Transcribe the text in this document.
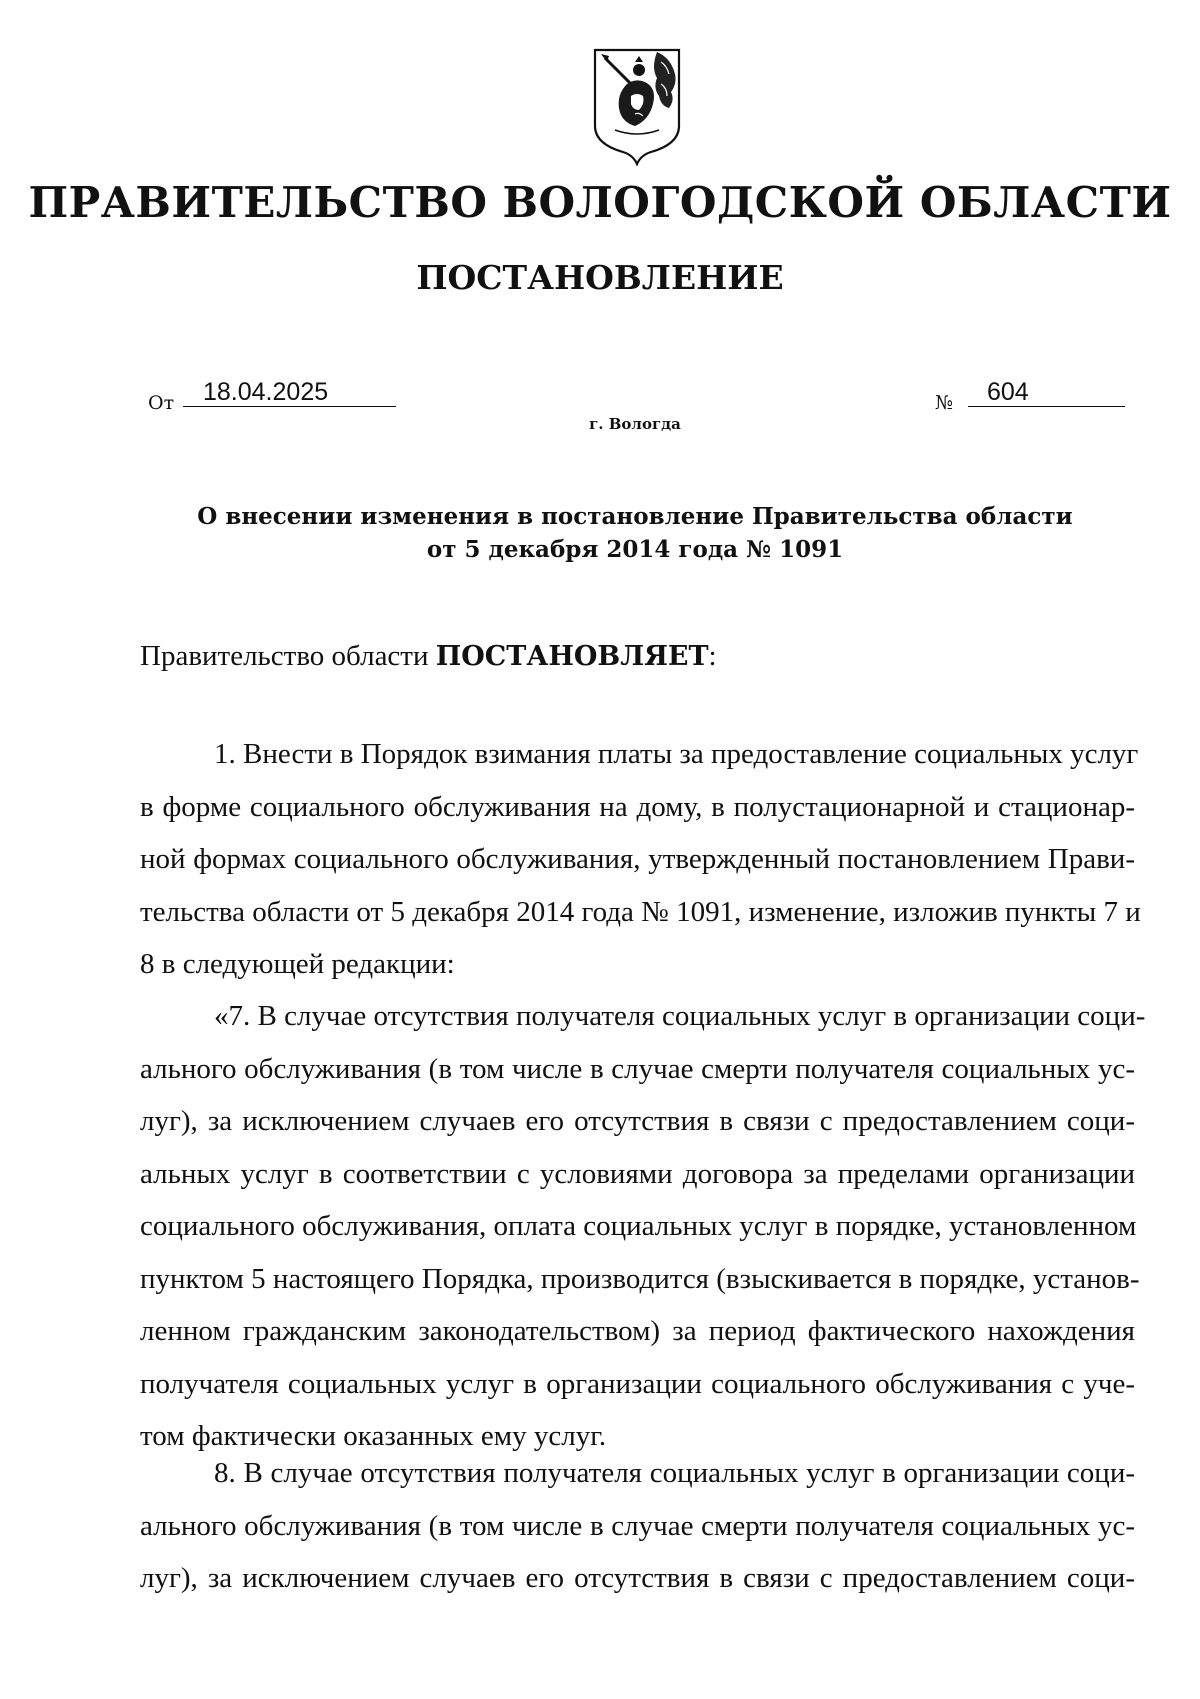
ПРАВИТЕЛЬСТВО ВОЛОГОДСКОЙ ОБЛАСТИ
ПОСТАНОВЛЕНИЕ
От	18.04.2025	№	604
г. Вологда
О внесении изменения в постановление Правительства области
от 5 декабря 2014 года № 1091
Правительство области ПОСТАНОВЛЯЕТ:
1. Внести в Порядок взимания платы за предоставление социальных услуг
в форме социального обслуживания на дому, в полустационарной и стационар-
ной формах социального обслуживания, утвержденный постановлением Прави-
тельства области от 5 декабря 2014 года № 1091, изменение, изложив пункты 7 и
8 в следующей редакции:
«7. В случае отсутствия получателя социальных услуг в организации соци-
ального обслуживания (в том числе в случае смерти получателя социальных ус-
луг), за исключением случаев его отсутствия в связи с предоставлением соци-
альных услуг в соответствии с условиями договора за пределами организации
социального обслуживания, оплата социальных услуг в порядке, установленном
пунктом 5 настоящего Порядка, производится (взыскивается в порядке, установ-
ленном гражданским законодательством) за период фактического нахождения
получателя социальных услуг в организации социального обслуживания с уче-
том фактически оказанных ему услуг.
8. В случае отсутствия получателя социальных услуг в организации соци-
ального обслуживания (в том числе в случае смерти получателя социальных ус-
луг), за исключением случаев его отсутствия в связи с предоставлением соци-
